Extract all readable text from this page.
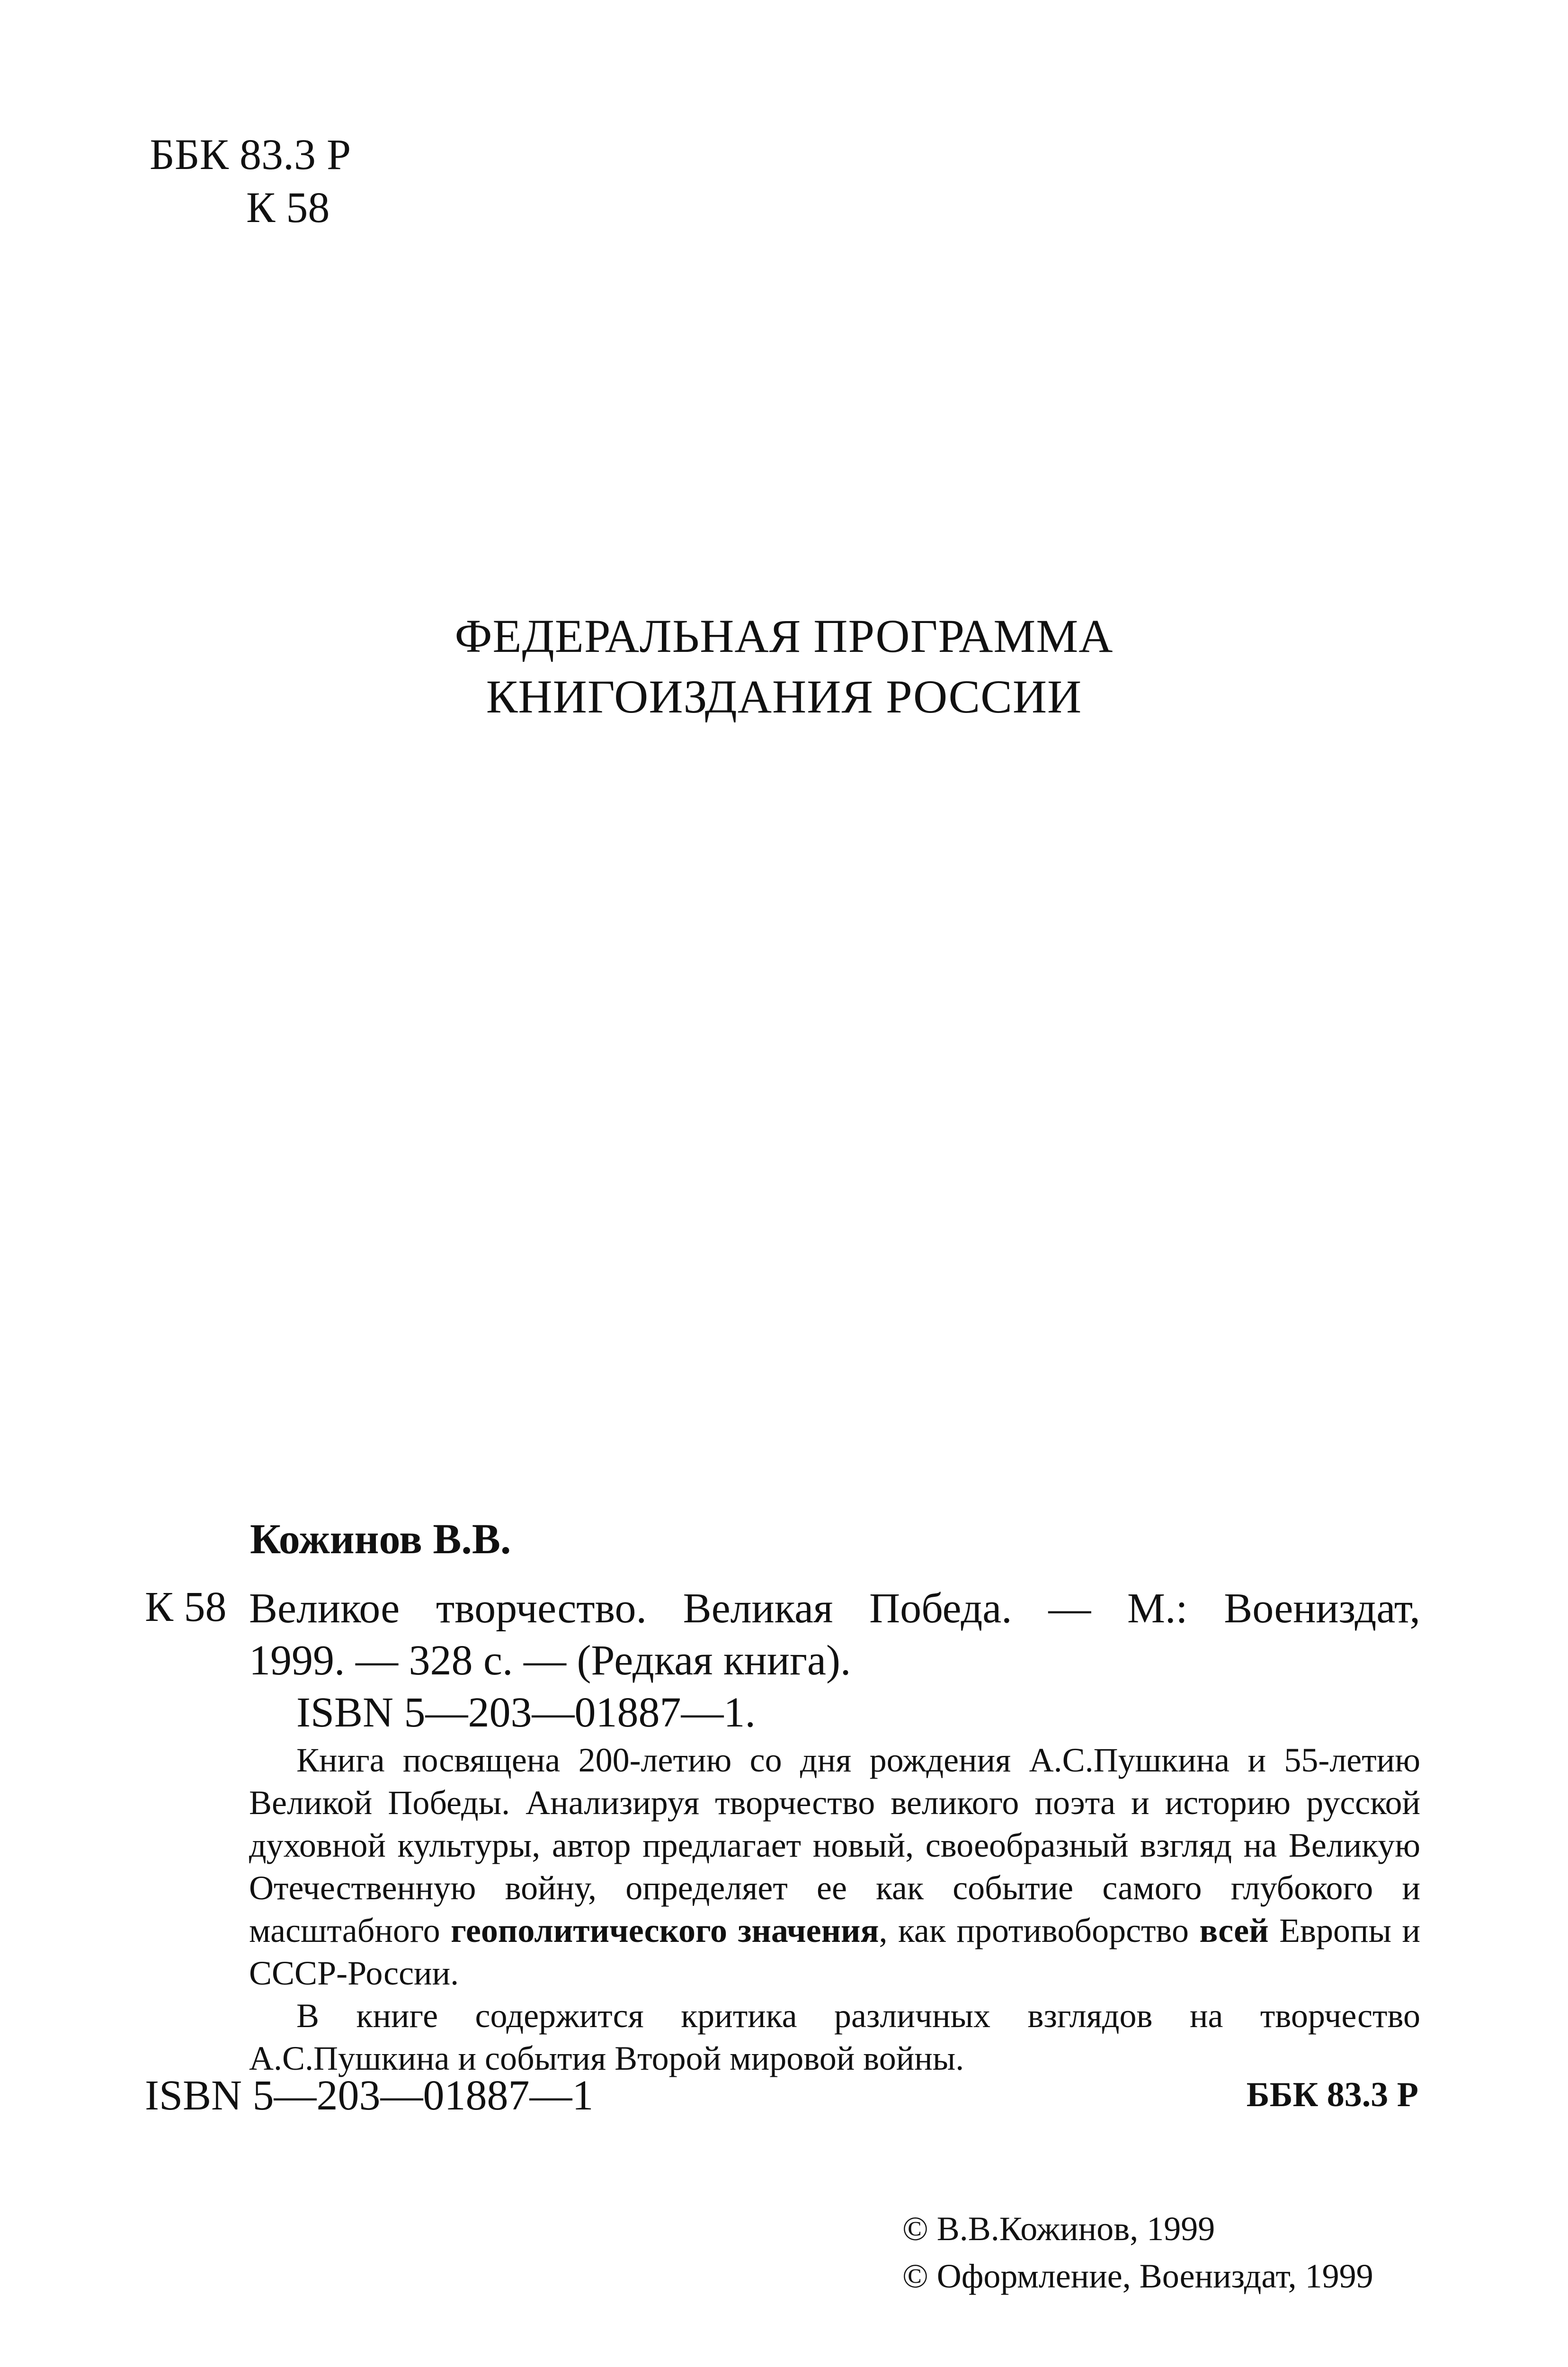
ББК 83.3 Р
К 58
ФЕДЕРАЛЬНАЯ ПРОГРАММА
КНИГОИЗДАНИЯ РОССИИ
Кожинов В.В.
К 58 Великое творчество. Великая Победа. — М.: Воениздат,
1999. — 328 с. — (Редкая книга).
ISBN 5—203—01887—1.

Книга посвящена 200-летию со дня рождения А.С.Пушкина и 55-летию Великой Победы. Анализируя творчество великого поэта и историю русской духовной культуры, автор предлагает новый, своеобразный взгляд на Великую Отечественную войну, определяет ее как событие самого глубокого и масштабного геополитического значения, как противоборство всей Европы и СССР-России.

В книге содержится критика различных взглядов на творчество А.С.Пушкина и события Второй мировой войны.

ISBN 5—203—01887—1	ББК 83.3 Р
© В.В.Кожинов, 1999
© Оформление, Воениздат, 1999
